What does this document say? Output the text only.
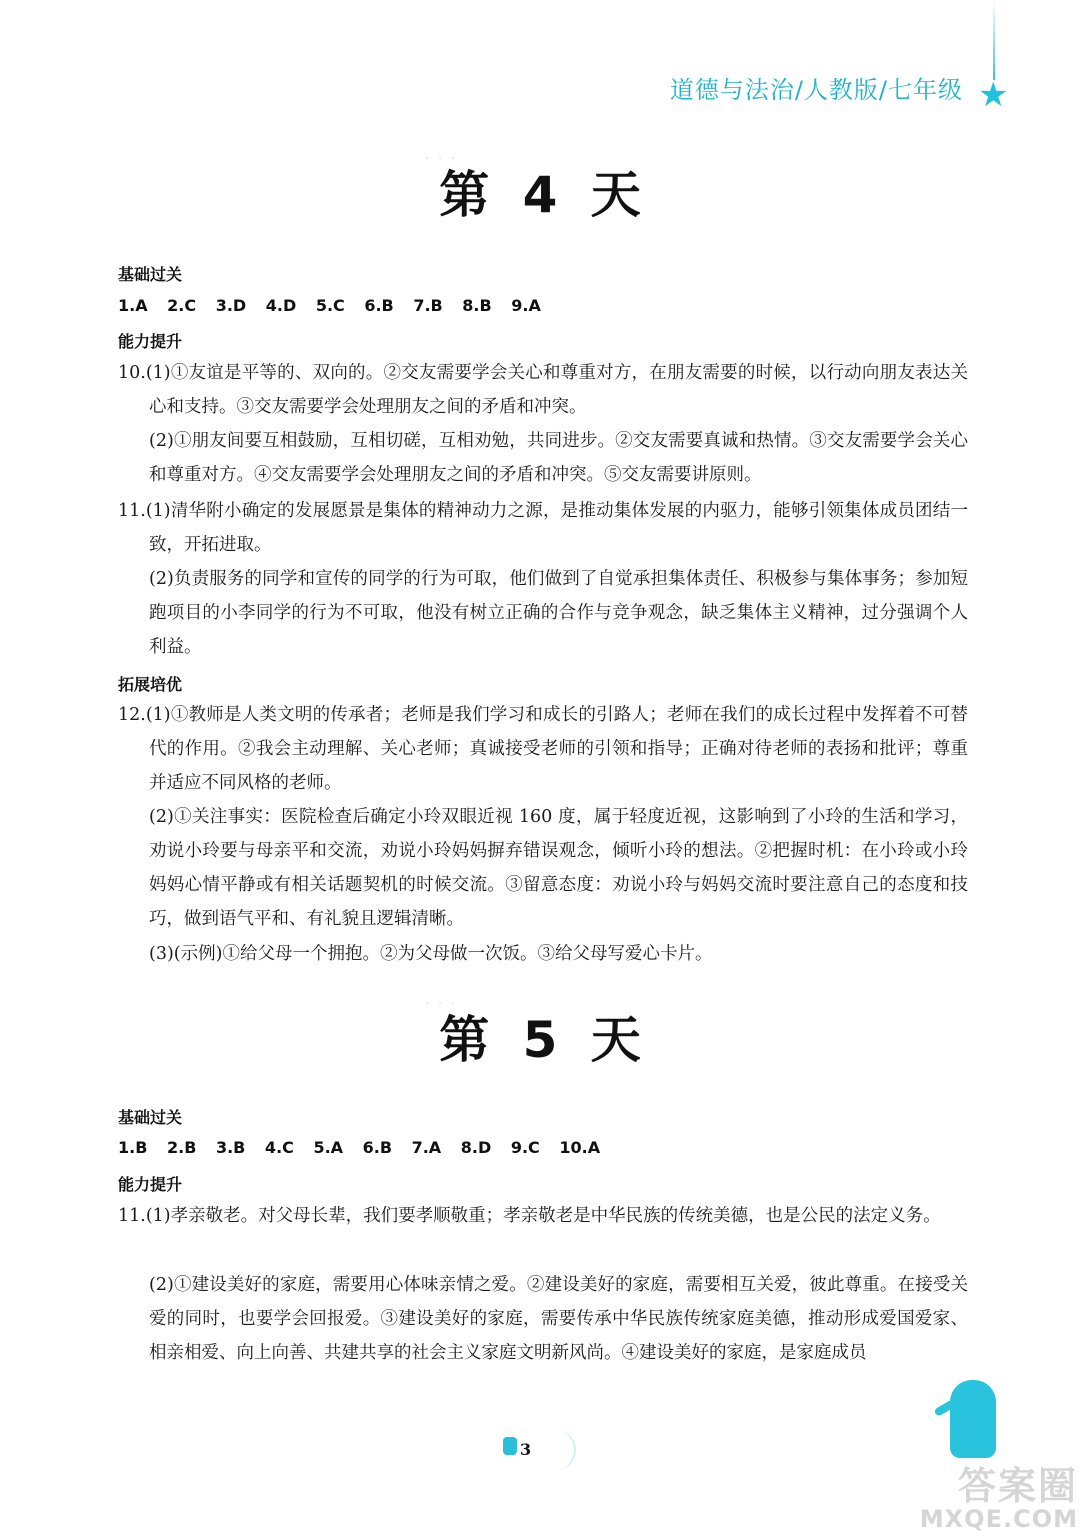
道德与法治/人教版/七年级 ★
· · ·
第 4 天
基础过关
1.A 2.C 3.D 4.D 5.C 6.B 7.B 8.B 9.A
能力提升
10.(1)①友谊是平等的、双向的。②交友需要学会关心和尊重对方，在朋友需要的时候，以行动向朋友表达关心和支持。③交友需要学会处理朋友之间的矛盾和冲突。
(2)①朋友间要互相鼓励，互相切磋，互相劝勉，共同进步。②交友需要真诚和热情。③交友需要学会关心和尊重对方。④交友需要学会处理朋友之间的矛盾和冲突。⑤交友需要讲原则。
11.(1)清华附小确定的发展愿景是集体的精神动力之源，是推动集体发展的内驱力，能够引领集体成员团结一致，开拓进取。
(2)负责服务的同学和宣传的同学的行为可取，他们做到了自觉承担集体责任、积极参与集体事务；参加短跑项目的小李同学的行为不可取，他没有树立正确的合作与竞争观念，缺乏集体主义精神，过分强调个人利益。
拓展培优
12.(1)①教师是人类文明的传承者；老师是我们学习和成长的引路人；老师在我们的成长过程中发挥着不可替代的作用。②我会主动理解、关心老师；真诚接受老师的引领和指导；正确对待老师的表扬和批评；尊重并适应不同风格的老师。
(2)①关注事实：医院检查后确定小玲双眼近视 160 度，属于轻度近视，这影响到了小玲的生活和学习，劝说小玲要与母亲平和交流，劝说小玲妈妈摒弃错误观念，倾听小玲的想法。②把握时机：在小玲或小玲妈妈心情平静或有相关话题契机的时候交流。③留意态度：劝说小玲与妈妈交流时要注意自己的态度和技巧，做到语气平和、有礼貌且逻辑清晰。
(3)(示例)①给父母一个拥抱。②为父母做一次饭。③给父母写爱心卡片。
· · ·
第 5 天
基础过关
1.B 2.B 3.B 4.C 5.A 6.B 7.A 8.D 9.C 10.A
能力提升
11.(1)孝亲敬老。对父母长辈，我们要孝顺敬重；孝亲敬老是中华民族的传统美德，也是公民的法定义务。
(2)①建设美好的家庭，需要用心体味亲情之爱。②建设美好的家庭，需要相互关爱，彼此尊重。在接受关爱的同时，也要学会回报爱。③建设美好的家庭，需要传承中华民族传统家庭美德，推动形成爱国爱家、相亲相爱、向上向善、共建共享的社会主义家庭文明新风尚。④建设美好的家庭，是家庭成员
3
答案圈
MXQE.COM
